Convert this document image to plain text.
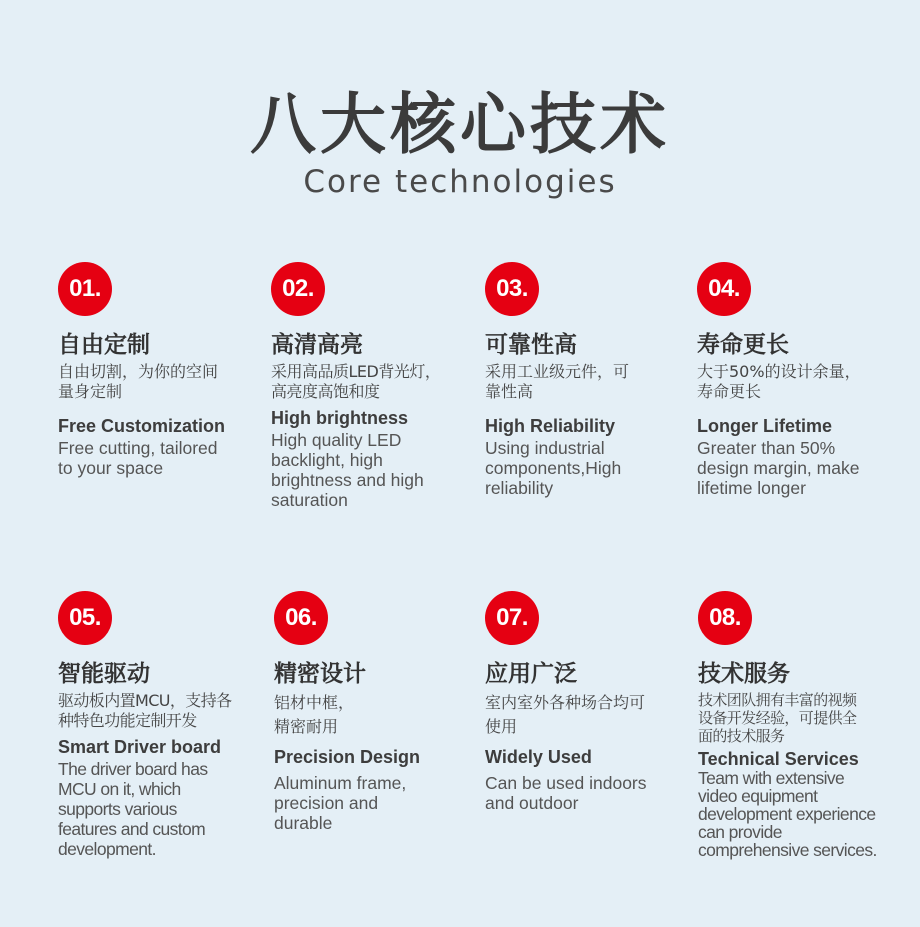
八大核心技术
Core technologies
01.
自由定制
自由切割，为你的空间量身定制
Free Customization
Free cutting, tailored to your space
02.
高清高亮
采用高品质LED背光灯，高亮度高饱和度
High brightness
High quality LED backlight, high brightness and high saturation
03.
可靠性高
采用工业级元件，可靠性高
High Reliability
Using industrial components,High reliability
04.
寿命更长
大于50%的设计余量，寿命更长
Longer Lifetime
Greater than 50% design margin, make lifetime longer
05.
智能驱动
驱动板内置MCU，支持各种特色功能定制开发
Smart Driver board
The driver board has MCU on it, which supports various features and custom development.
06.
精密设计
铝材中框，精密耐用
Precision Design
Aluminum frame, precision and durable
07.
应用广泛
室内室外各种场合均可使用
Widely Used
Can be used indoors and outdoor
08.
技术服务
技术团队拥有丰富的视频设备开发经验，可提供全面的技术服务
Technical Services
Team with extensive video equipment development experience can provide comprehensive services.
